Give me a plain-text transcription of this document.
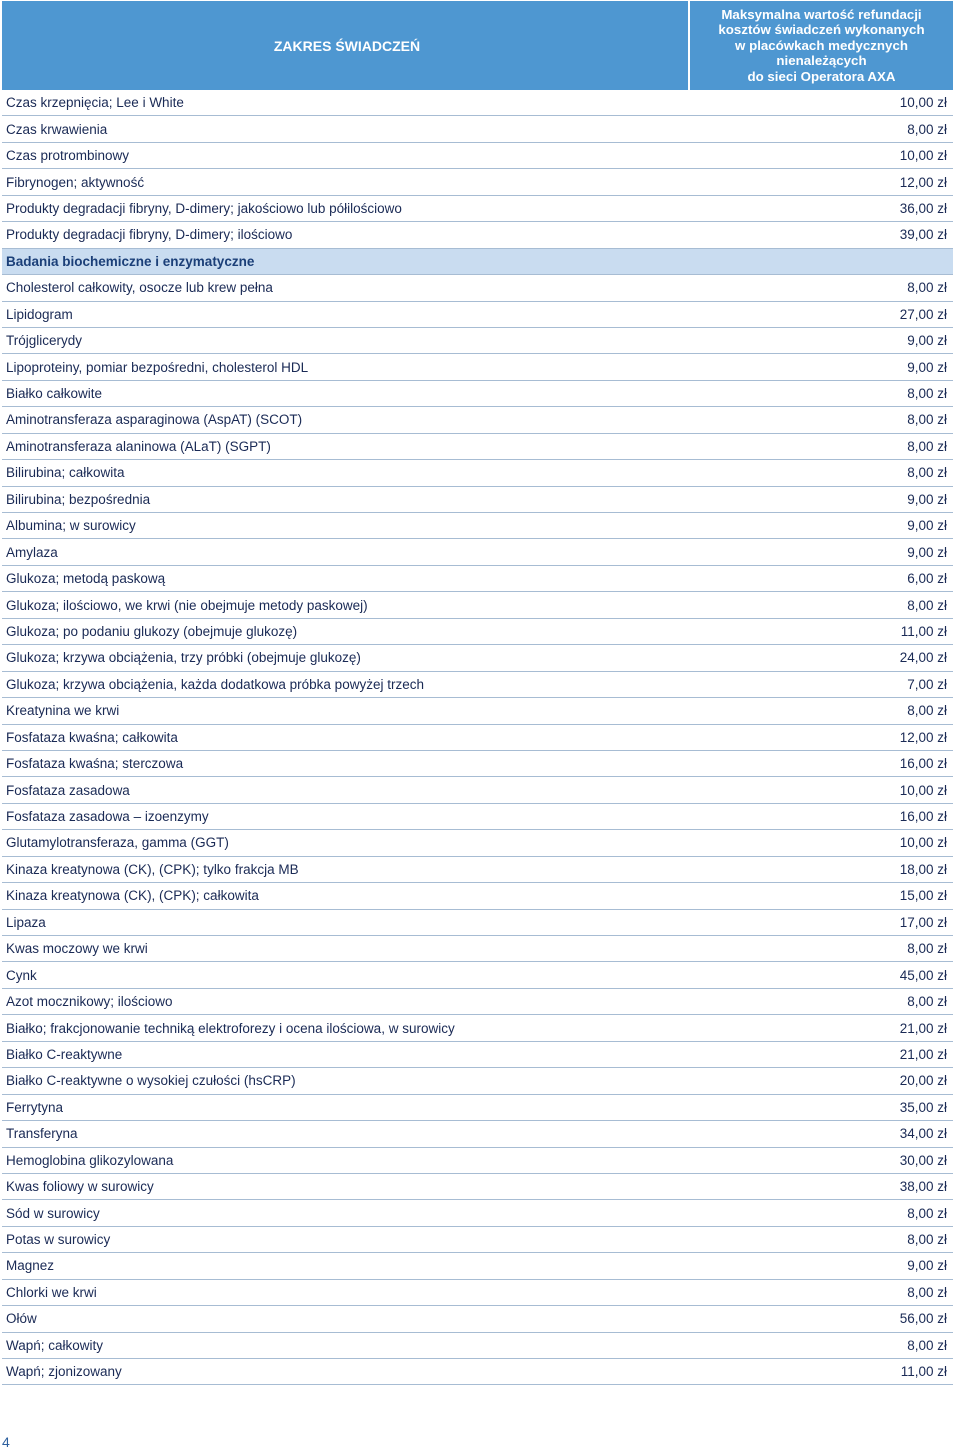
ZAKRES ŚWIADCZEŃ
Maksymalna wartość refundacji
kosztów świadczeń wykonanych
w placówkach medycznych
nienależących
do sieci Operatora AXA
Czas krzepnięcia; Lee i White	10,00 zł
Czas krwawienia	8,00 zł
Czas protrombinowy	10,00 zł
Fibrynogen; aktywność	12,00 zł
Produkty degradacji fibryny, D-dimery; jakościowo lub półilościowo	36,00 zł
Produkty degradacji fibryny, D-dimery; ilościowo	39,00 zł
Badania biochemiczne i enzymatyczne
Cholesterol całkowity, osocze lub krew pełna	8,00 zł
Lipidogram	27,00 zł
Trójglicerydy	9,00 zł
Lipoproteiny, pomiar bezpośredni, cholesterol HDL	9,00 zł
Białko całkowite	8,00 zł
Aminotransferaza asparaginowa (AspAT) (SCOT)	8,00 zł
Aminotransferaza alaninowa (ALaT) (SGPT)	8,00 zł
Bilirubina; całkowita	8,00 zł
Bilirubina; bezpośrednia	9,00 zł
Albumina; w surowicy	9,00 zł
Amylaza	9,00 zł
Glukoza; metodą paskową	6,00 zł
Glukoza; ilościowo, we krwi (nie obejmuje metody paskowej)	8,00 zł
Glukoza; po podaniu glukozy (obejmuje glukozę)	11,00 zł
Glukoza; krzywa obciążenia, trzy próbki (obejmuje glukozę)	24,00 zł
Glukoza; krzywa obciążenia, każda dodatkowa próbka powyżej trzech	7,00 zł
Kreatynina we krwi	8,00 zł
Fosfataza kwaśna; całkowita	12,00 zł
Fosfataza kwaśna; sterczowa	16,00 zł
Fosfataza zasadowa	10,00 zł
Fosfataza zasadowa – izoenzymy	16,00 zł
Glutamylotransferaza, gamma (GGT)	10,00 zł
Kinaza kreatynowa (CK), (CPK); tylko frakcja MB	18,00 zł
Kinaza kreatynowa (CK), (CPK); całkowita	15,00 zł
Lipaza	17,00 zł
Kwas moczowy we krwi	8,00 zł
Cynk	45,00 zł
Azot mocznikowy; ilościowo	8,00 zł
Białko; frakcjonowanie techniką elektroforezy i ocena ilościowa, w surowicy	21,00 zł
Białko C-reaktywne	21,00 zł
Białko C-reaktywne o wysokiej czułości (hsCRP)	20,00 zł
Ferrytyna	35,00 zł
Transferyna	34,00 zł
Hemoglobina glikozylowana	30,00 zł
Kwas foliowy w surowicy	38,00 zł
Sód w surowicy	8,00 zł
Potas w surowicy	8,00 zł
Magnez	9,00 zł
Chlorki we krwi	8,00 zł
Ołów	56,00 zł
Wapń; całkowity	8,00 zł
Wapń; zjonizowany	11,00 zł
4
